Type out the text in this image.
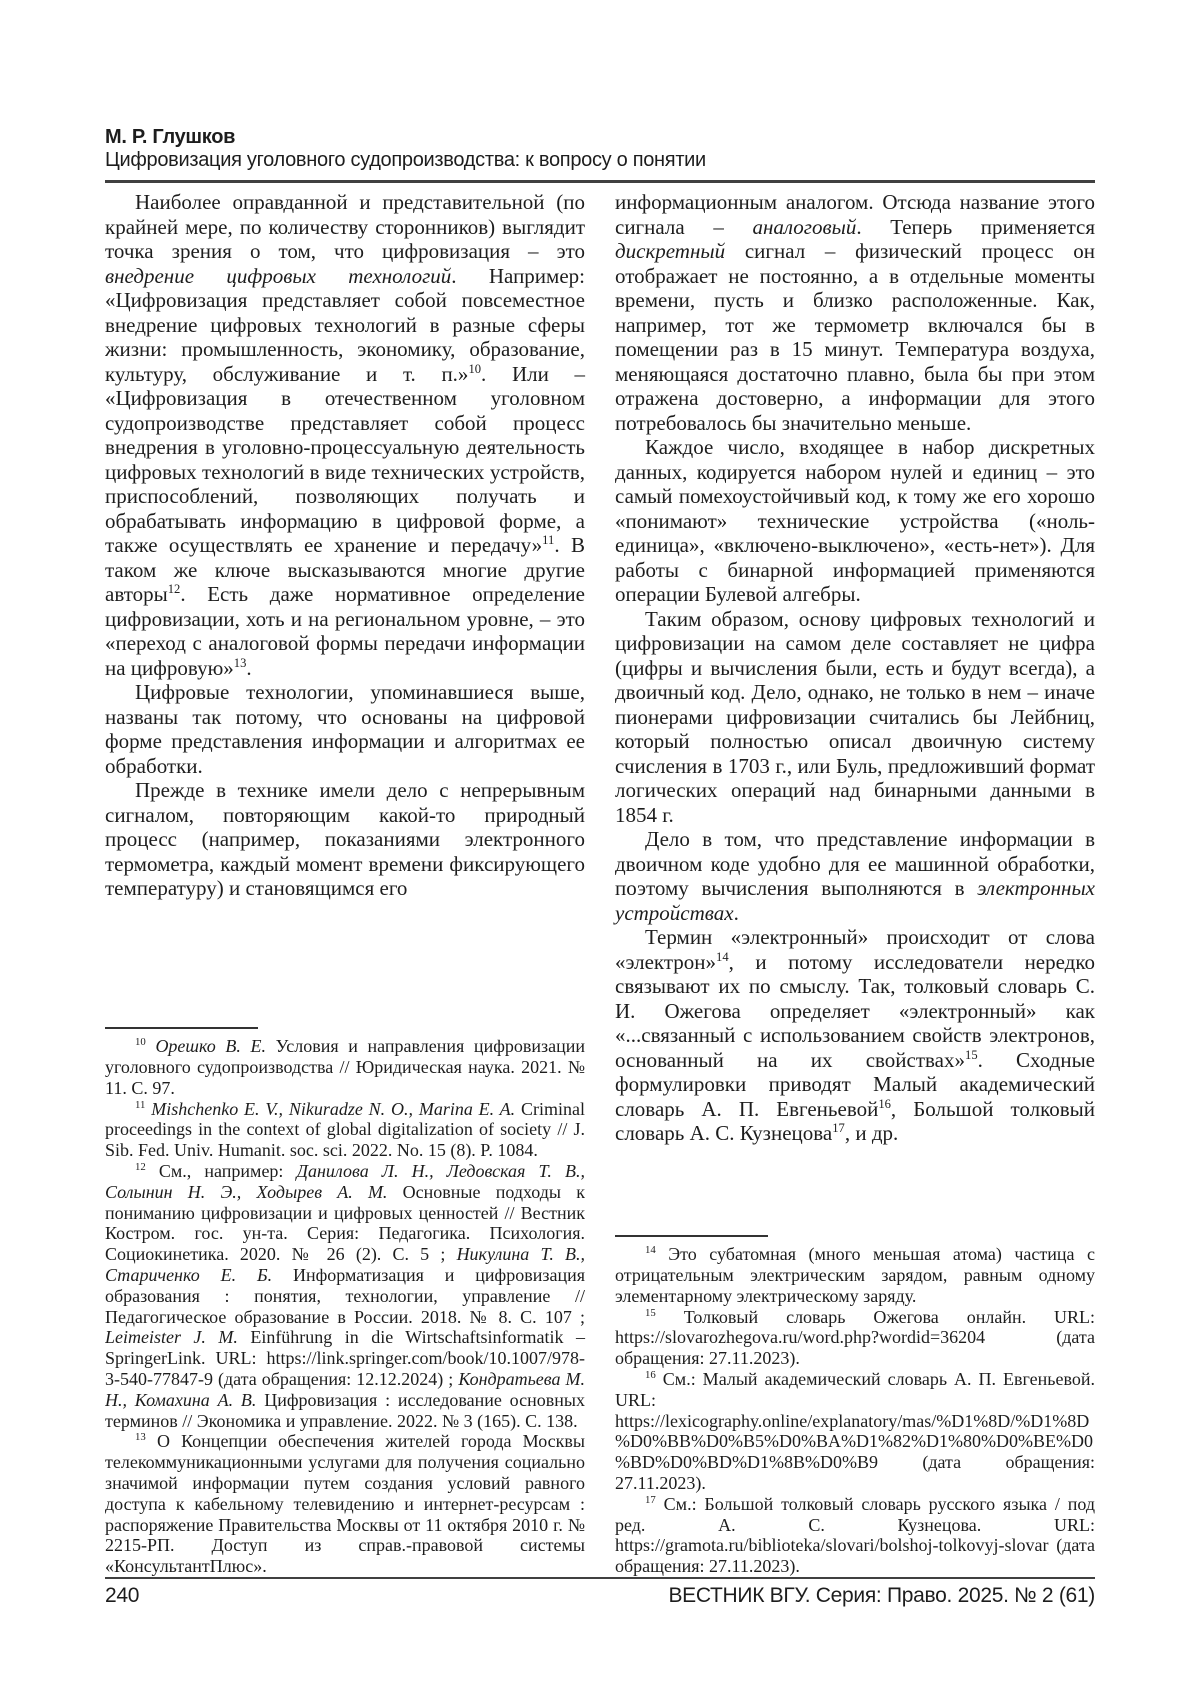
М. Р. Глушков
Цифровизация уголовного судопроизводства: к вопросу о понятии

Наиболее оправданной и представительной (по крайней мере, по количеству сторонников) выглядит точка зрения о том, что цифровизация – это внедрение цифровых технологий. Например: «Цифровизация представляет собой повсеместное внедрение цифровых технологий в разные сферы жизни: промышленность, экономику, образование, культуру, обслуживание и т. п.»$^{10}$. Или – «Цифровизация в отечественном уголовном судопроизводстве представляет собой процесс внедрения в уголовно-процессуальную деятельность цифровых технологий в виде технических устройств, приспособлений, позволяющих получать и обрабатывать информацию в цифровой форме, а также осуществлять ее хранение и передачу»$^{11}$. В таком же ключе высказываются многие другие авторы$^{12}$. Есть даже нормативное определение цифровизации, хоть и на региональном уровне, – это «переход с аналоговой формы передачи информации на цифровую»$^{13}$.

Цифровые технологии, упоминавшиеся выше, названы так потому, что основаны на цифровой форме представления информации и алгоритмах ее обработки.

Прежде в технике имели дело с непрерывным сигналом, повторяющим какой-то природный процесс (например, показаниями электронного термометра, каждый момент времени фиксирующего температуру) и становящимся его

$^{10}$ Орешко В. Е. Условия и направления цифровизации уголовного судопроизводства // Юридическая наука. 2021. № 11. С. 97.

$^{11}$ Mishchenko E. V., Nikuradze N. O., Marina E. A. Criminal proceedings in the context of global digitalization of society // J. Sib. Fed. Univ. Humanit. soc. sci. 2022. No. 15 (8). P. 1084.

$^{12}$ См., например: Данилова Л. Н., Ледовская Т. В., Солынин Н. Э., Ходырев А. М. Основные подходы к пониманию цифровизации и цифровых ценностей // Вестник Костром. гос. ун-та. Серия: Педагогика. Психология. Социокинетика. 2020. № 26 (2). С. 5 ; Никулина Т. В., Стариченко Е. Б. Информатизация и цифровизация образования : понятия, технологии, управление // Педагогическое образование в России. 2018. № 8. С. 107 ; Leimeister J. M. Einführung in die Wirtschaftsinformatik – SpringerLink. URL: https://link.springer.com/book/10.1007/978-3-540-77847-9 (дата обращения: 12.12.2024) ; Кондратьева М. Н., Комахина А. В. Цифровизация : исследование основных терминов // Экономика и управление. 2022. № 3 (165). С. 138.

$^{13}$ О Концепции обеспечения жителей города Москвы телекоммуникационными услугами для получения социально значимой информации путем создания условий равного доступа к кабельному телевидению и интернет-ресурсам : распоряжение Правительства Москвы от 11 октября 2010 г. № 2215-РП. Доступ из справ.-правовой системы «КонсультантПлюс».

информационным аналогом. Отсюда название этого сигнала – аналоговый. Теперь применяется дискретный сигнал – физический процесс он отображает не постоянно, а в отдельные моменты времени, пусть и близко расположенные. Как, например, тот же термометр включался бы в помещении раз в 15 минут. Температура воздуха, меняющаяся достаточно плавно, была бы при этом отражена достоверно, а информации для этого потребовалось бы значительно меньше.

Каждое число, входящее в набор дискретных данных, кодируется набором нулей и единиц – это самый помехоустойчивый код, к тому же его хорошо «понимают» технические устройства («ноль-единица», «включено-выключено», «есть-нет»). Для работы с бинарной информацией применяются операции Булевой алгебры.

Таким образом, основу цифровых технологий и цифровизации на самом деле составляет не цифра (цифры и вычисления были, есть и будут всегда), а двоичный код. Дело, однако, не только в нем – иначе пионерами цифровизации считались бы Лейбниц, который полностью описал двоичную систему счисления в 1703 г., или Буль, предложивший формат логических операций над бинарными данными в 1854 г.

Дело в том, что представление информации в двоичном коде удобно для ее машинной обработки, поэтому вычисления выполняются в электронных устройствах.

Термин «электронный» происходит от слова «электрон»$^{14}$, и потому исследователи нередко связывают их по смыслу. Так, толковый словарь С. И. Ожегова определяет «электронный» как «...связанный с использованием свойств электронов, основанный на их свойствах»$^{15}$. Сходные формулировки приводят Малый академический словарь А. П. Евгеньевой$^{16}$, Большой толковый словарь А. С. Кузнецова$^{17}$, и др.

$^{14}$ Это субатомная (много меньшая атома) частица с отрицательным электрическим зарядом, равным одному элементарному электрическому заряду.

$^{15}$ Толковый словарь Ожегова онлайн. URL: https://slovarozhegova.ru/word.php?wordid=36204 (дата обращения: 27.11.2023).

$^{16}$ См.: Малый академический словарь А. П. Евгеньевой. URL: https://lexicography.online/explanatory/mas/%D1%8D/%D1%8D%D0%BB%D0%B5%D0%BA%D1%82%D1%80%D0%BE%D0%BD%D0%BD%D1%8B%D0%B9 (дата обращения: 27.11.2023).

$^{17}$ См.: Большой толковый словарь русского языка / под ред. А. С. Кузнецова. URL: https://gramota.ru/biblioteka/slovari/bolshoj-tolkovyj-slovar (дата обращения: 27.11.2023).

240	ВЕСТНИК ВГУ. Серия: Право. 2025. № 2 (61)
